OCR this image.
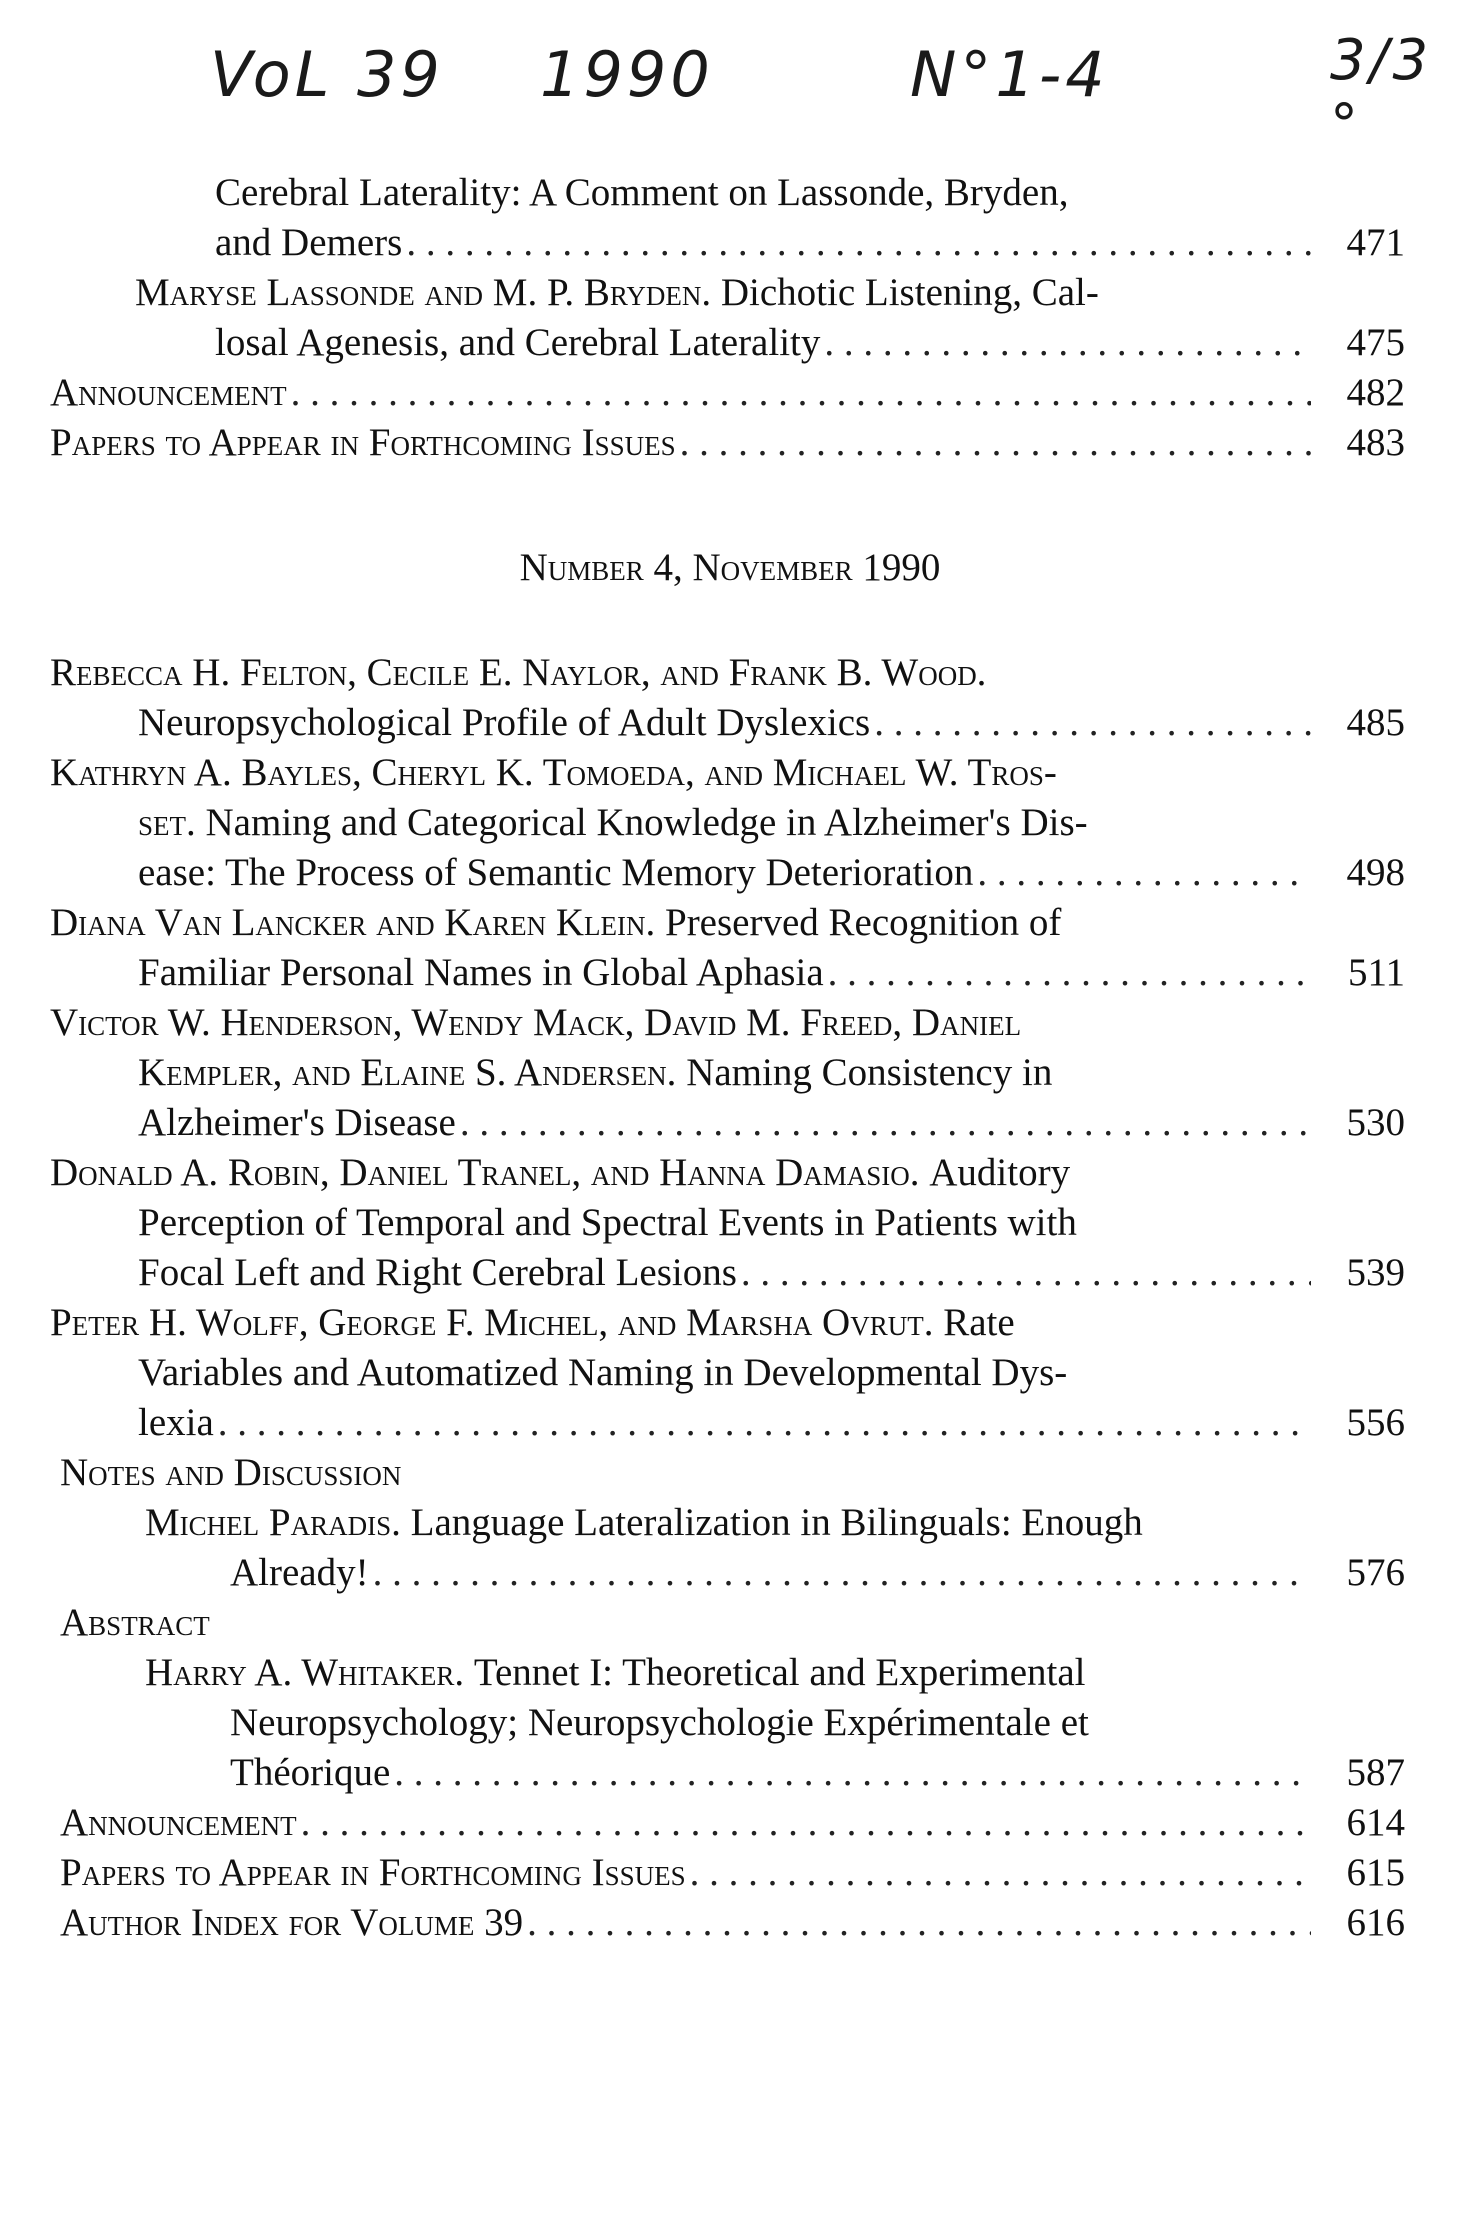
VoL 39 1990	N°1-4	3/3 °
Cerebral Laterality: A Comment on Lassonde, Bryden,
and Demers . . .	471
Maryse Lassonde and M. P. Bryden.
Dichotic Listening, Cal-
losal Agenesis, and Cerebral Laterality . . .	475
Announcement . . .	482
Papers to Appear in Forthcoming Issues . . .	483
Number 4, November 1990
Rebecca H. Felton, Cecile E. Naylor, and Frank B. Wood.
Neuropsychological Profile of Adult Dyslexics . . .	485
Kathryn A. Bayles, Cheryl K. Tomoeda, and Michael W. Tros-
set.
Naming and Categorical Knowledge in Alzheimer's Dis-
ease: The Process of Semantic Memory Deterioration . . .	498
Diana Van Lancker and Karen Klein.
Preserved Recognition of
Familiar Personal Names in Global Aphasia . . .	511
Victor W. Henderson, Wendy Mack, David M. Freed, Daniel
Kempler, and Elaine S. Andersen.
Naming Consistency in
Alzheimer's Disease . . .	530
Donald A. Robin, Daniel Tranel, and Hanna Damasio.
Auditory
Perception of Temporal and Spectral Events in Patients with
Focal Left and Right Cerebral Lesions . . .	539
Peter H. Wolff, George F. Michel, and Marsha Ovrut.
Rate
Variables and Automatized Naming in Developmental Dys-
lexia . . .	556
Notes and Discussion
Michel Paradis.
Language Lateralization in Bilinguals: Enough
Already! . . .	576
Abstract
Harry A. Whitaker.
Tennet I: Theoretical and Experimental
Neuropsychology; Neuropsychologie Expérimentale et
Théorique . . .	587
Announcement . . .	614
Papers to Appear in Forthcoming Issues . . .	615
Author Index for Volume 39 . . .	616
